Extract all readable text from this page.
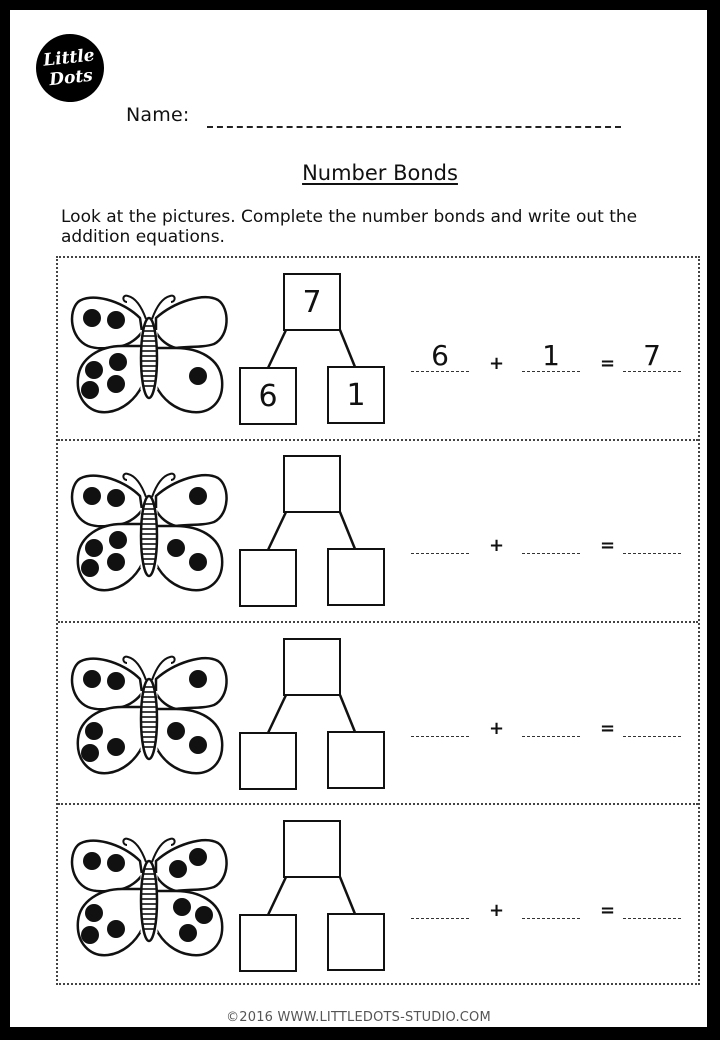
Little
Dots
Name:
Number Bonds
Look at the pictures. Complete the number bonds and write out the addition equations.
7
6	1
6	+	1	= 7
+	=
+	=
+	=
©2016 WWW.LITTLEDOTS-STUDIO.COM
